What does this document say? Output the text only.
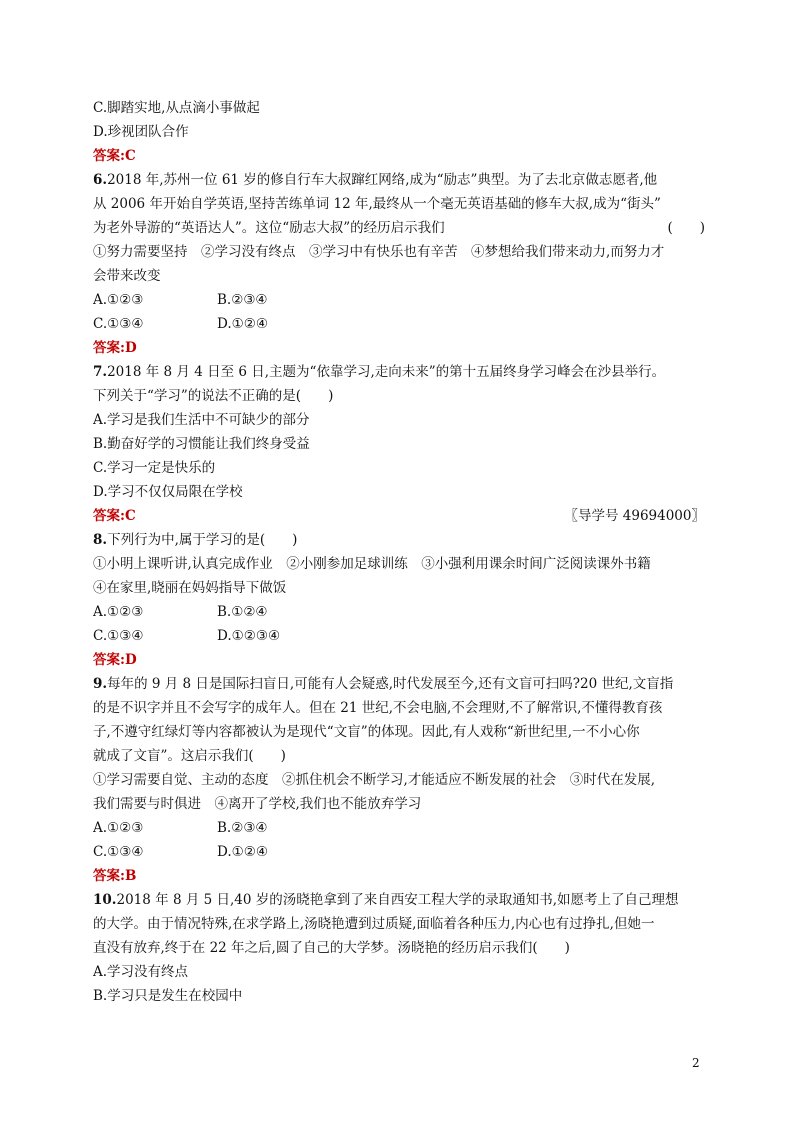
C.脚踏实地,从点滴小事做起
D.珍视团队合作
答案:C
6.2018 年,苏州一位 61 岁的修自行车大叔蹿红网络,成为“励志”典型。为了去北京做志愿者,他
从 2006 年开始自学英语,坚持苦练单词 12 年,最终从一个毫无英语基础的修车大叔,成为“街头”
为老外导游的“英语达人”。这位“励志大叔”的经历启示我们	(　　)
①努力需要坚持　②学习没有终点　③学习中有快乐也有辛苦　④梦想给我们带来动力,而努力才
会带来改变
A.①②③	B.②③④
C.①③④	D.①②④
答案:D
7.2018 年 8 月 4 日至 6 日,主题为“依靠学习,走向未来”的第十五届终身学习峰会在沙县举行。
下列关于“学习”的说法不正确的是(　　)
A.学习是我们生活中不可缺少的部分
B.勤奋好学的习惯能让我们终身受益
C.学习一定是快乐的
D.学习不仅仅局限在学校
答案:C	〖导学号 49694000〗
8.下列行为中,属于学习的是(　　)
①小明上课听讲,认真完成作业　②小刚参加足球训练　③小强利用课余时间广泛阅读课外书籍
④在家里,晓丽在妈妈指导下做饭
A.①②③	B.①②④
C.①③④	D.①②③④
答案:D
9.每年的 9 月 8 日是国际扫盲日,可能有人会疑惑,时代发展至今,还有文盲可扫吗?20 世纪,文盲指
的是不识字并且不会写字的成年人。但在 21 世纪,不会电脑,不会理财,不了解常识,不懂得教育孩
子,不遵守红绿灯等内容都被认为是现代“文盲”的体现。因此,有人戏称“新世纪里,一不小心你
就成了文盲”。这启示我们(　　)
①学习需要自觉、主动的态度　②抓住机会不断学习,才能适应不断发展的社会　③时代在发展,
我们需要与时俱进　④离开了学校,我们也不能放弃学习
A.①②③	B.②③④
C.①③④	D.①②④
答案:B
10.2018 年 8 月 5 日,40 岁的汤晓艳拿到了来自西安工程大学的录取通知书,如愿考上了自己理想
的大学。由于情况特殊,在求学路上,汤晓艳遭到过质疑,面临着各种压力,内心也有过挣扎,但她一
直没有放弃,终于在 22 年之后,圆了自己的大学梦。汤晓艳的经历启示我们(　　)
A.学习没有终点
B.学习只是发生在校园中
2
